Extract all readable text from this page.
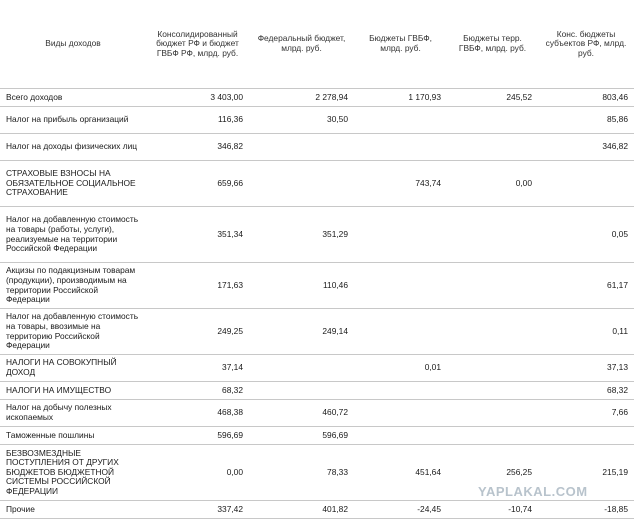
Виды доходов	Консолидированный бюджет РФ и бюджет ГВБФ РФ, млрд. руб.	Федеральный бюджет, млрд. руб.	Бюджеты ГВБФ, млрд. руб.	Бюджеты терр. ГВБФ, млрд. руб.	Конс. бюджеты субъектов РФ, млрд. руб.
Всего доходов	3 403,00	2 278,94	1 170,93	245,52	803,46
Налог на прибыль организаций	116,36	30,50			85,86
Налог на доходы физических лиц	346,82				346,82
СТРАХОВЫЕ ВЗНОСЫ НА ОБЯЗАТЕЛЬНОЕ СОЦИАЛЬНОЕ СТРАХОВАНИЕ	659,66		743,74	0,00	
Налог на добавленную стоимость на товары (работы, услуги), реализуемые на территории Российской Федерации	351,34	351,29			0,05
Акцизы по подакцизным товарам (продукции), производимым на территории Российской Федерации	171,63	110,46			61,17
Налог на добавленную стоимость на товары, ввозимые на территорию Российской Федерации	249,25	249,14			0,11
НАЛОГИ НА СОВОКУПНЫЙ ДОХОД	37,14		0,01		37,13
НАЛОГИ НА ИМУЩЕСТВО	68,32				68,32
Налог на добычу полезных ископаемых	468,38	460,72			7,66
Таможенные пошлины	596,69	596,69			
БЕЗВОЗМЕЗДНЫЕ ПОСТУПЛЕНИЯ ОТ ДРУГИХ БЮДЖЕТОВ БЮДЖЕТНОЙ СИСТЕМЫ РОССИЙСКОЙ ФЕДЕРАЦИИ	0,00	78,33	451,64	256,25	215,19
Прочие	337,42	401,82	-24,45	-10,74	-18,85
YAPLAKAL.COM
